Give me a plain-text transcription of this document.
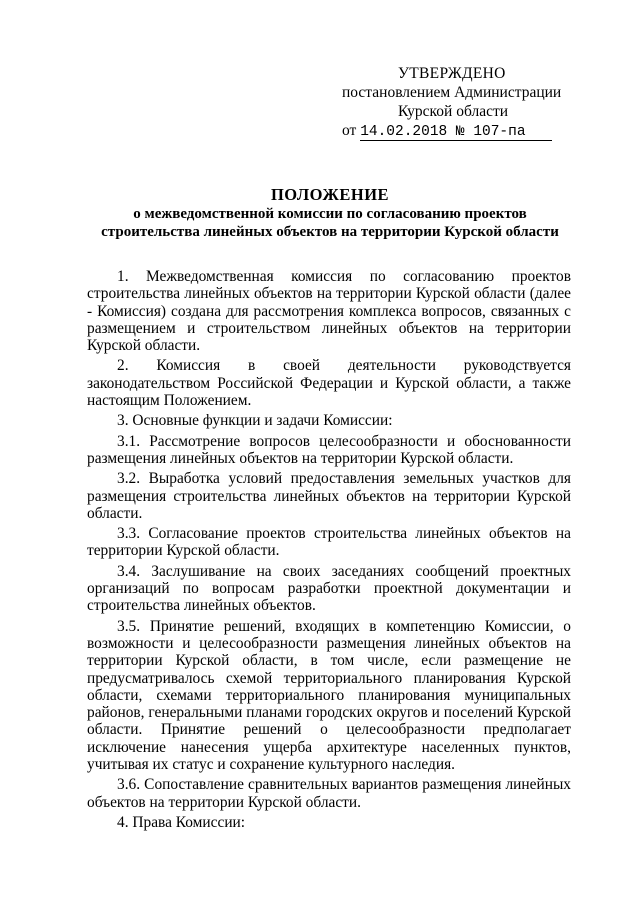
УТВЕРЖДЕНО
постановлением Администрации
Курской области
от 14.02.2018 № 107-па
ПОЛОЖЕНИЕ
о межведомственной комиссии по согласованию проектов
строительства линейных объектов на территории Курской области

1. Межведомственная комиссия по согласованию проектов строительства линейных объектов на территории Курской области (далее - Комиссия) создана для рассмотрения комплекса вопросов, связанных с размещением и строительством линейных объектов на территории Курской области.

2. Комиссия в своей деятельности руководствуется законодательством Российской Федерации и Курской области, а также настоящим Положением.

3. Основные функции и задачи Комиссии:

3.1. Рассмотрение вопросов целесообразности и обоснованности размещения линейных объектов на территории Курской области.

3.2. Выработка условий предоставления земельных участков для размещения строительства линейных объектов на территории Курской области.

3.3. Согласование проектов строительства линейных объектов на территории Курской области.

3.4. Заслушивание на своих заседаниях сообщений проектных организаций по вопросам разработки проектной документации и строительства линейных объектов.

3.5. Принятие решений, входящих в компетенцию Комиссии, о возможности и целесообразности размещения линейных объектов на территории Курской области, в том числе, если размещение не предусматривалось схемой территориального планирования Курской области, схемами территориального планирования муниципальных районов, генеральными планами городских округов и поселений Курской области. Принятие решений о целесообразности предполагает исключение нанесения ущерба архитектуре населенных пунктов, учитывая их статус и сохранение культурного наследия.

3.6. Сопоставление сравнительных вариантов размещения линейных объектов на территории Курской области.

4. Права Комиссии:
